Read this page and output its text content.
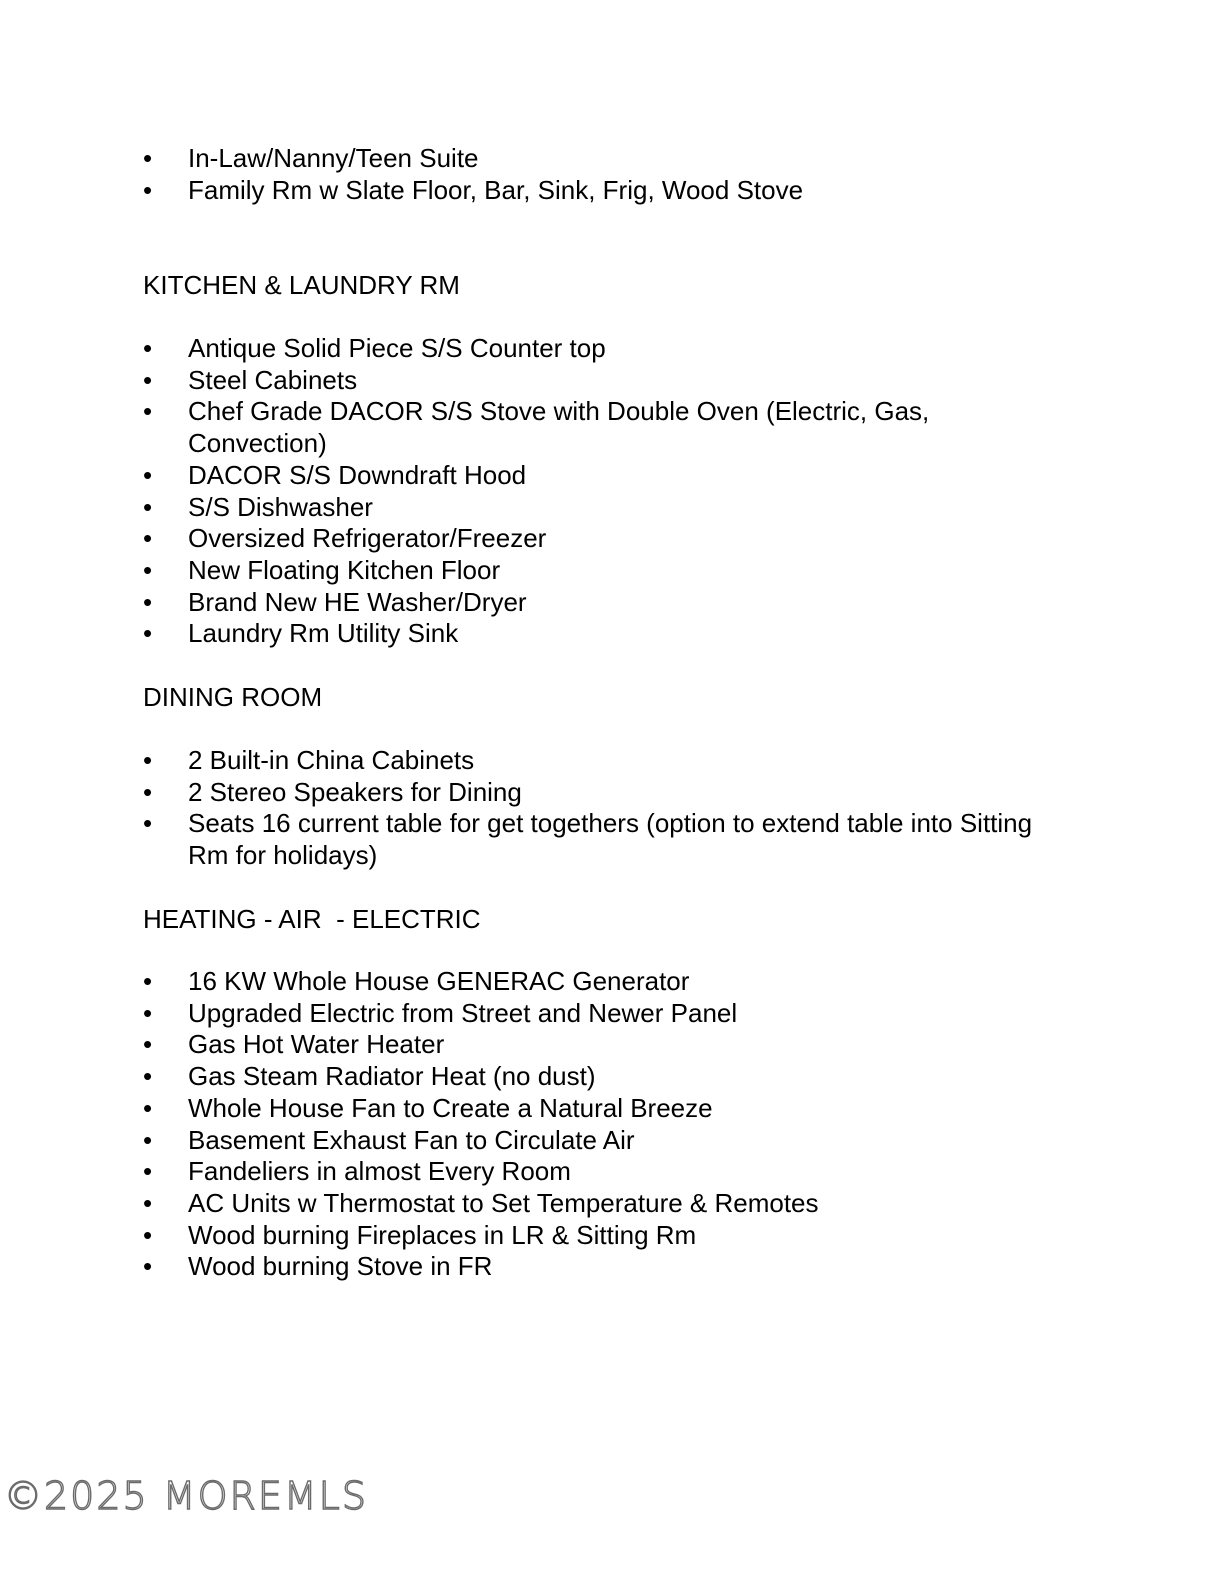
•	In-Law/Nanny/Teen Suite
•	Family Rm w Slate Floor, Bar, Sink, Frig, Wood Stove
KITCHEN & LAUNDRY RM
•	Antique Solid Piece S/S Counter top
•	Steel Cabinets
•	Chef Grade DACOR S/S Stove with Double Oven (Electric, Gas, Convection)
•	DACOR S/S Downdraft Hood
•	S/S Dishwasher
•	Oversized Refrigerator/Freezer
•	New Floating Kitchen Floor
•	Brand New HE Washer/Dryer
•	Laundry Rm Utility Sink
DINING ROOM
•	2 Built-in China Cabinets
•	2 Stereo Speakers for Dining
•	Seats 16 current table for get togethers (option to extend table into Sitting Rm for holidays)
HEATING - AIR  - ELECTRIC
•	16 KW Whole House GENERAC Generator
•	Upgraded Electric from Street and Newer Panel
•	Gas Hot Water Heater
•	Gas Steam Radiator Heat (no dust)
•	Whole House Fan to Create a Natural Breeze
•	Basement Exhaust Fan to Circulate Air
•	Fandeliers in almost Every Room
•	AC Units w Thermostat to Set Temperature & Remotes
•	Wood burning Fireplaces in LR & Sitting Rm
•	Wood burning Stove in FR
©2025 MOREMLS
